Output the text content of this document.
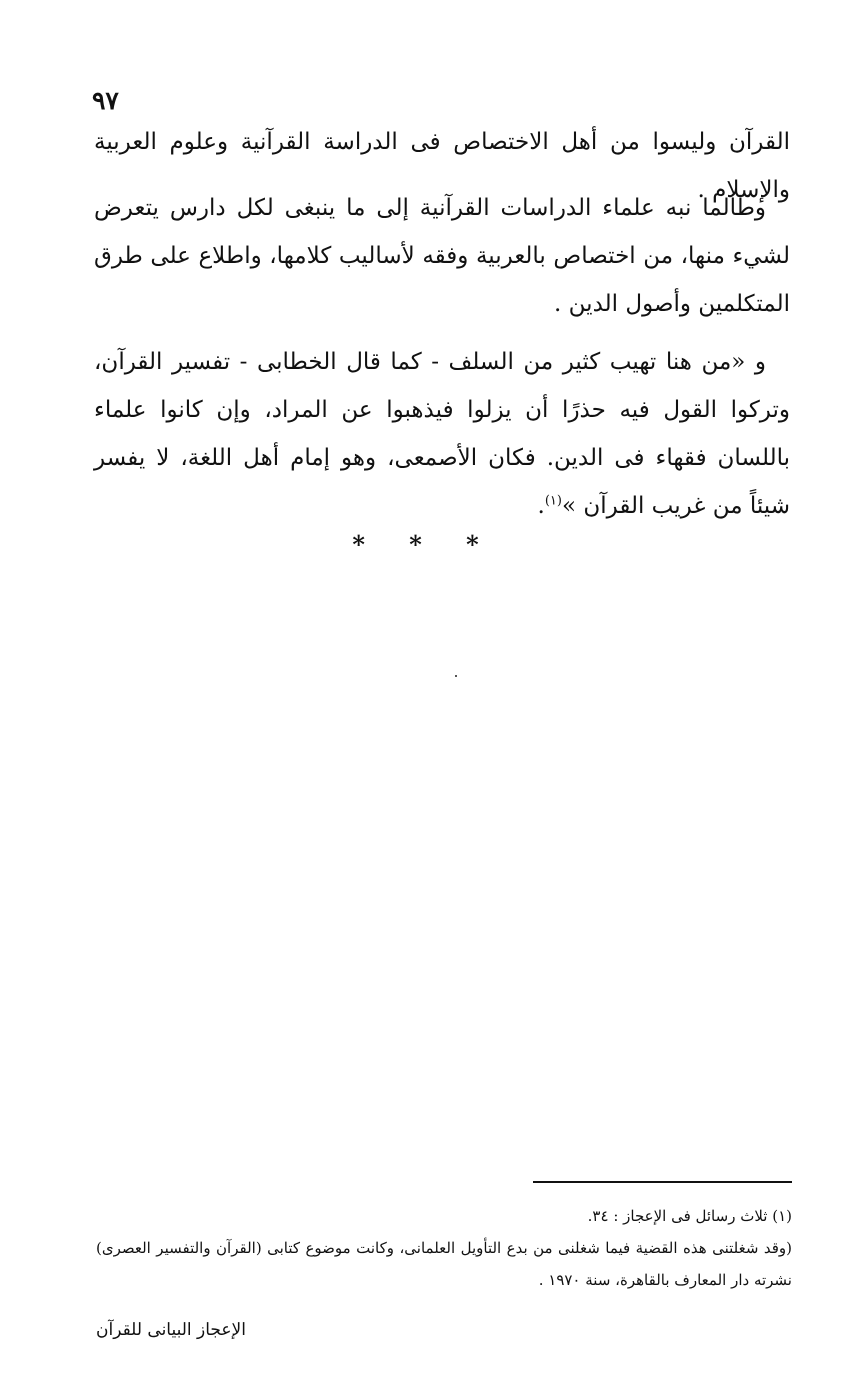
٩٧

القرآن وليسوا من أهل الاختصاص فى الدراسة القرآنية وعلوم العربية والإسلام .

وطالما نبه علماء الدراسات القرآنية إلى ما ينبغى لكل دارس يتعرض لشيء منها، من اختصاص بالعربية وفقه لأساليب كلامها، واطلاع على طرق المتكلمين وأصول الدين .

و «من هنا تهيب كثير من السلف - كما قال الخطابى - تفسير القرآن، وتركوا القول فيه حذرًا أن يزلوا فيذهبوا عن المراد، وإن كانوا علماء باللسان فقهاء فى الدين. فكان الأصمعى، وهو إمام أهل اللغة، لا يفسر شيئاً من غريب القرآن »$^{(١)}$.

* * *

(١) ثلاث رسائل فى الإعجاز : ٣٤.

(وقد شغلتنى هذه القضية فيما شغلنى من بدع التأويل العلمانى، وكانت موضوع كتابى (القرآن والتفسير العصرى) نشرته دار المعارف بالقاهرة، سنة ١٩٧٠ .

الإعجاز البيانى للقرآن
